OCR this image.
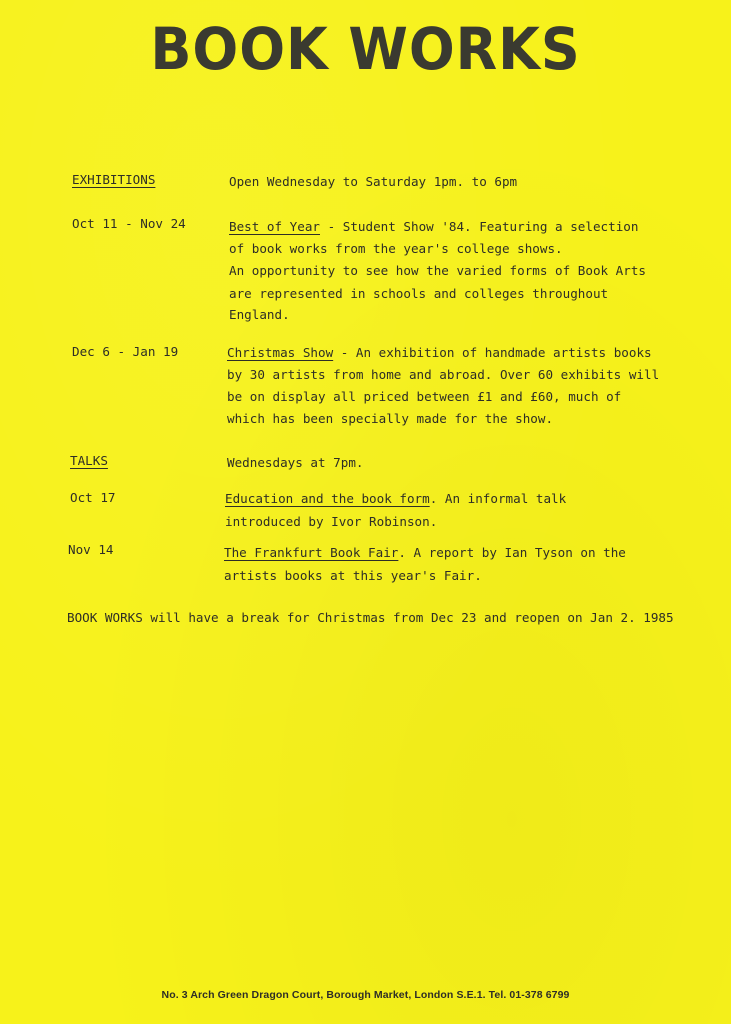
BOOK WORKS
EXHIBITIONS	Open Wednesday to Saturday 1pm. to 6pm
Oct 11 - Nov 24	Best of Year - Student Show '84. Featuring a selection
of book works from the year's college shows.
An opportunity to see how the varied forms of Book Arts
are represented in schools and colleges throughout
England.
Dec 6 - Jan 19	Christmas Show - An exhibition of handmade artists books
by 30 artists from home and abroad. Over 60 exhibits will
be on display all priced between £1 and £60, much of
which has been specially made for the show.
TALKS	Wednesdays at 7pm.
Oct 17	Education and the book form. An informal talk
introduced by Ivor Robinson.
Nov 14	The Frankfurt Book Fair. A report by Ian Tyson on the
artists books at this year's Fair.
BOOK WORKS will have a break for Christmas from Dec 23 and reopen on Jan 2. 1985
No. 3 Arch Green Dragon Court, Borough Market, London S.E.1. Tel. 01-378 6799
